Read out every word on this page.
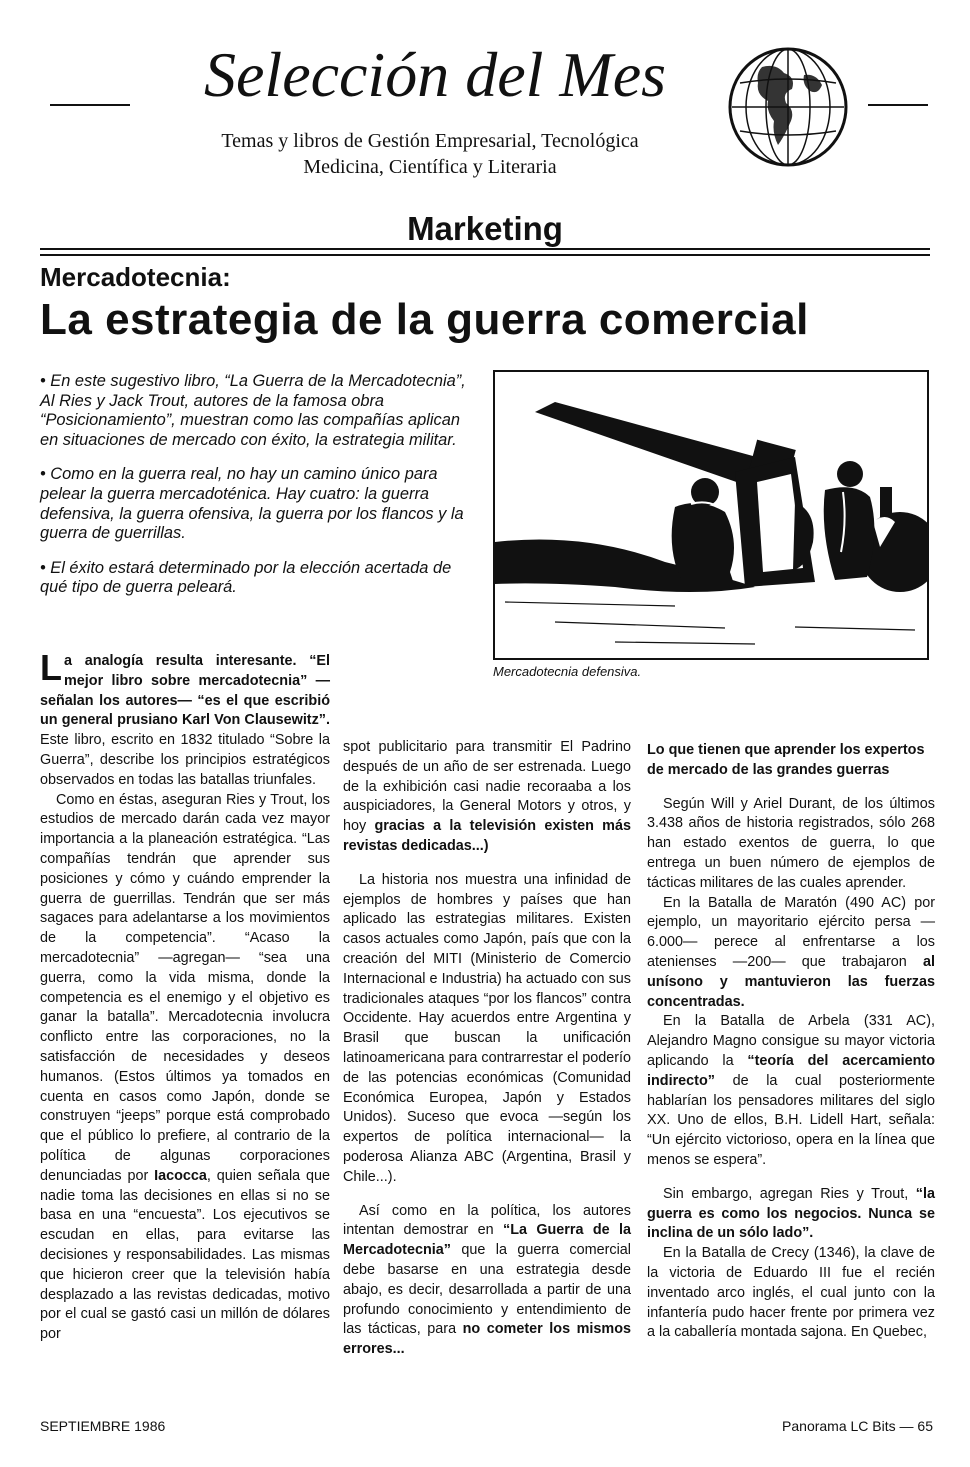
Selección del Mes
Temas y libros de Gestión Empresarial, Tecnológica
Medicina, Científica y Literaria
Marketing
Mercadotecnia:
La estrategia de la guerra comercial

• En este sugestivo libro, “La Guerra de la Mercadotecnia”, Al Ries y Jack Trout, autores de la famosa obra “Posicionamiento”, muestran como las compañías aplican en situaciones de mercado con éxito, la estrategia militar.

• Como en la guerra real, no hay un camino único para pelear la guerra mercadoténica. Hay cuatro: la guerra defensiva, la guerra ofensiva, la guerra por los flancos y la guerra de guerrillas.

• El éxito estará determinado por la elección acertada de qué tipo de guerra peleará.

Mercadotecnia defensiva.

La analogía resulta interesante. “El mejor libro sobre mercadotecnia” —señalan los autores— “es el que escribió un general prusiano Karl Von Clausewitz”. Este libro, escrito en 1832 titulado “Sobre la Guerra”, describe los principios estratégicos observados en todas las batallas triunfales.

Como en éstas, aseguran Ries y Trout, los estudios de mercado darán cada vez mayor importancia a la planeación estratégica. “Las compañías tendrán que aprender sus posiciones y cómo y cuándo emprender la guerra de guerrillas. Tendrán que ser más sagaces para adelantarse a los movimientos de la competencia”. “Acaso la mercadotecnia” —agregan— “sea una guerra, como la vida misma, donde la competencia es el enemigo y el objetivo es ganar la batalla”. Mercadotecnia involucra conflicto entre las corporaciones, no la satisfacción de necesidades y deseos humanos. (Estos últimos ya tomados en cuenta en casos como Japón, donde se construyen “jeeps” porque está comprobado que el público lo prefiere, al contrario de la política de algunas corporaciones denunciadas por Iacocca, quien señala que nadie toma las decisiones en ellas si no se basa en una “encuesta”. Los ejecutivos se escudan en ellas, para evitarse las decisiones y responsabilidades. Las mismas que hicieron creer que la televisión había desplazado a las revistas dedicadas, motivo por el cual se gastó casi un millón de dólares por

spot publicitario para transmitir El Padrino después de un año de ser estrenada. Luego de la exhibición casi nadie recoraaba a los auspiciadores, la General Motors y otros, y hoy gracias a la televisión existen más revistas dedicadas...)

La historia nos muestra una infinidad de ejemplos de hombres y países que han aplicado las estrategias militares. Existen casos actuales como Japón, país que con la creación del MITI (Ministerio de Comercio Internacional e Industria) ha actuado con sus tradicionales ataques “por los flancos” contra Occidente. Hay acuerdos entre Argentina y Brasil que buscan la unificación latinoamericana para contrarrestar el poderío de las potencias económicas (Comunidad Económica Europea, Japón y Estados Unidos). Suceso que evoca —según los expertos de política internacional— la poderosa Alianza ABC (Argentina, Brasil y Chile...).

Así como en la política, los autores intentan demostrar en “La Guerra de la Mercadotecnia” que la guerra comercial debe basarse en una estrategia desde abajo, es decir, desarrollada a partir de una profundo conocimiento y entendimiento de las tácticas, para no cometer los mismos errores...

Lo que tienen que aprender los expertos de mercado de las grandes guerras

Según Will y Ariel Durant, de los últimos 3.438 años de historia registrados, sólo 268 han estado exentos de guerra, lo que entrega un buen número de ejemplos de tácticas militares de las cuales aprender.

En la Batalla de Maratón (490 AC) por ejemplo, un mayoritario ejército persa —6.000— perece al enfrentarse a los atenienses —200— que trabajaron al unísono y mantuvieron las fuerzas concentradas.

En la Batalla de Arbela (331 AC), Alejandro Magno consigue su mayor victoria aplicando la “teoría del acercamiento indirecto” de la cual posteriormente hablarían los pensadores militares del siglo XX. Uno de ellos, B.H. Lidell Hart, señala: “Un ejército victorioso, opera en la línea que menos se espera”.

Sin embargo, agregan Ries y Trout, “la guerra es como los negocios. Nunca se inclina de un sólo lado”.

En la Batalla de Crecy (1346), la clave de la victoria de Eduardo III fue el recién inventado arco inglés, el cual junto con la infantería pudo hacer frente por primera vez a la caballería montada sajona. En Quebec,

SEPTIEMBRE 1986	Panorama LC Bits — 65
